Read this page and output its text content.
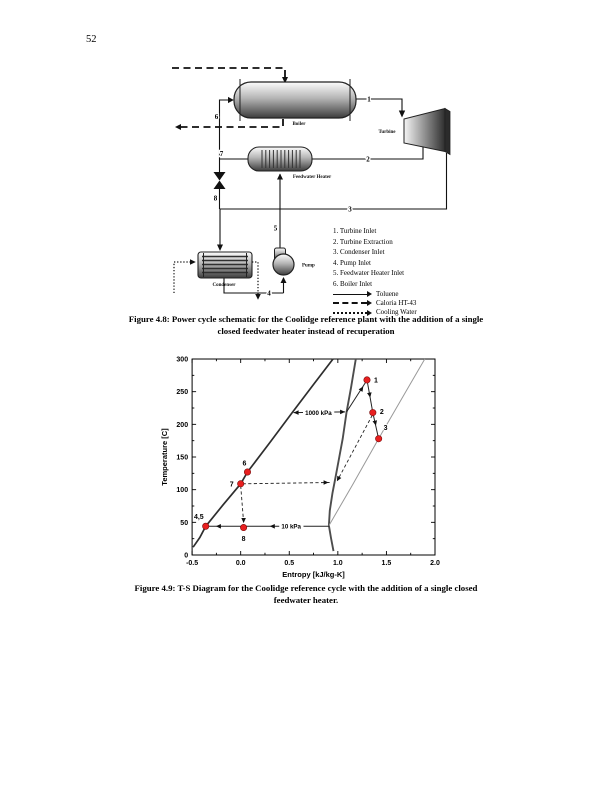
52
Boiler
Turbine
Feedwater Heater
Condenser
Pump
1
2
3
4
5
6
7
8
1. Turbine Inlet
2. Turbine Extraction
3. Condenser Inlet
4. Pump Inlet
5. Feedwater Heater Inlet
6. Boiler Inlet
Toluene
Caloria HT-43
Cooling Water
Figure 4.8: Power cycle schematic for the Coolidge reference plant with the addition of a single
closed feedwater heater instead of recuperation
-0.5	0.0	0.5	1.0	1.5	2.0
0
50
100
150
200
250
300
1000 kPa
10 kPa
1
2
3
4,5
6
7
8
Entropy [kJ/kg-K]
Temperature [C]
Figure 4.9: T-S Diagram for the Coolidge reference cycle with the addition of a single closed
feedwater heater.
